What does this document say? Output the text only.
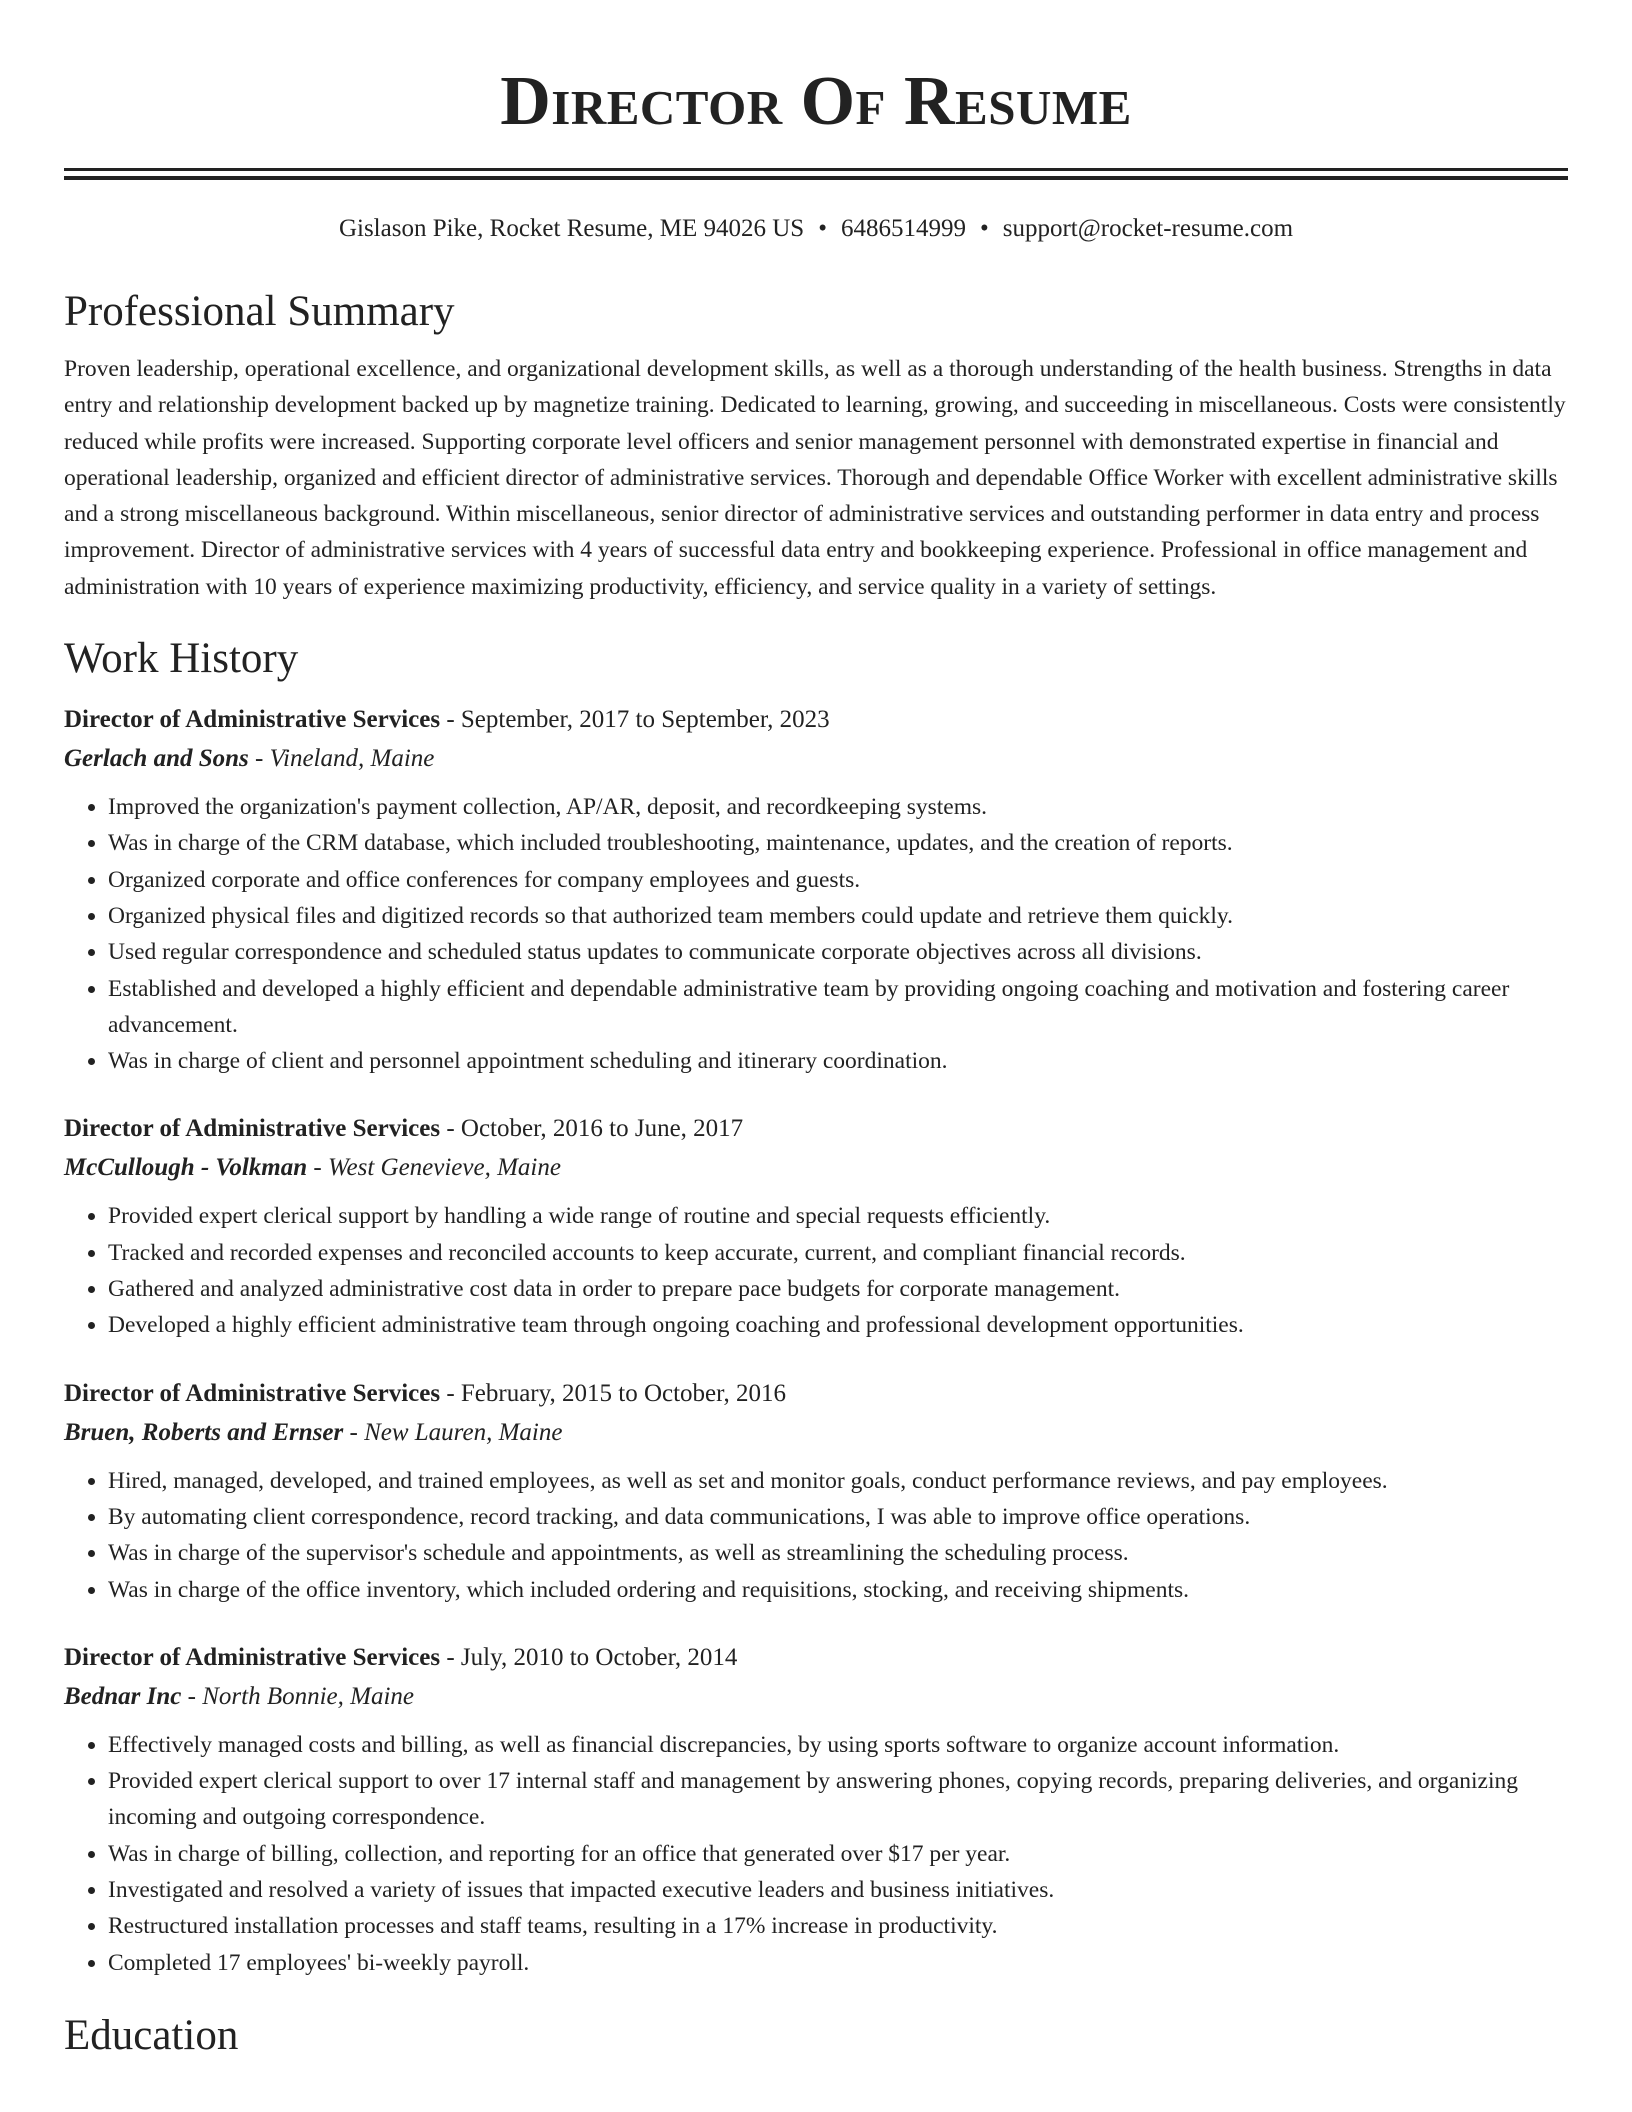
Director Of Resume
Gislason Pike, Rocket Resume, ME 94026 US • 6486514999 • support@rocket-resume.com
Professional Summary
Proven leadership, operational excellence, and organizational development skills, as well as a thorough understanding of the health business. Strengths in data entry and relationship development backed up by magnetize training. Dedicated to learning, growing, and succeeding in miscellaneous. Costs were consistently reduced while profits were increased. Supporting corporate level officers and senior management personnel with demonstrated expertise in financial and operational leadership, organized and efficient director of administrative services. Thorough and dependable Office Worker with excellent administrative skills and a strong miscellaneous background. Within miscellaneous, senior director of administrative services and outstanding performer in data entry and process improvement. Director of administrative services with 4 years of successful data entry and bookkeeping experience. Professional in office management and administration with 10 years of experience maximizing productivity, efficiency, and service quality in a variety of settings.
Work History
Director of Administrative Services - September, 2017 to September, 2023
Gerlach and Sons - Vineland, Maine
• Improved the organization's payment collection, AP/AR, deposit, and recordkeeping systems.
• Was in charge of the CRM database, which included troubleshooting, maintenance, updates, and the creation of reports.
• Organized corporate and office conferences for company employees and guests.
• Organized physical files and digitized records so that authorized team members could update and retrieve them quickly.
• Used regular correspondence and scheduled status updates to communicate corporate objectives across all divisions.
• Established and developed a highly efficient and dependable administrative team by providing ongoing coaching and motivation and fostering career advancement.
• Was in charge of client and personnel appointment scheduling and itinerary coordination.
Director of Administrative Services - October, 2016 to June, 2017
McCullough - Volkman - West Genevieve, Maine
• Provided expert clerical support by handling a wide range of routine and special requests efficiently.
• Tracked and recorded expenses and reconciled accounts to keep accurate, current, and compliant financial records.
• Gathered and analyzed administrative cost data in order to prepare pace budgets for corporate management.
• Developed a highly efficient administrative team through ongoing coaching and professional development opportunities.
Director of Administrative Services - February, 2015 to October, 2016
Bruen, Roberts and Ernser - New Lauren, Maine
• Hired, managed, developed, and trained employees, as well as set and monitor goals, conduct performance reviews, and pay employees.
• By automating client correspondence, record tracking, and data communications, I was able to improve office operations.
• Was in charge of the supervisor's schedule and appointments, as well as streamlining the scheduling process.
• Was in charge of the office inventory, which included ordering and requisitions, stocking, and receiving shipments.
Director of Administrative Services - July, 2010 to October, 2014
Bednar Inc - North Bonnie, Maine
• Effectively managed costs and billing, as well as financial discrepancies, by using sports software to organize account information.
• Provided expert clerical support to over 17 internal staff and management by answering phones, copying records, preparing deliveries, and organizing incoming and outgoing correspondence.
• Was in charge of billing, collection, and reporting for an office that generated over $17 per year.
• Investigated and resolved a variety of issues that impacted executive leaders and business initiatives.
• Restructured installation processes and staff teams, resulting in a 17% increase in productivity.
• Completed 17 employees' bi-weekly payroll.
Education
